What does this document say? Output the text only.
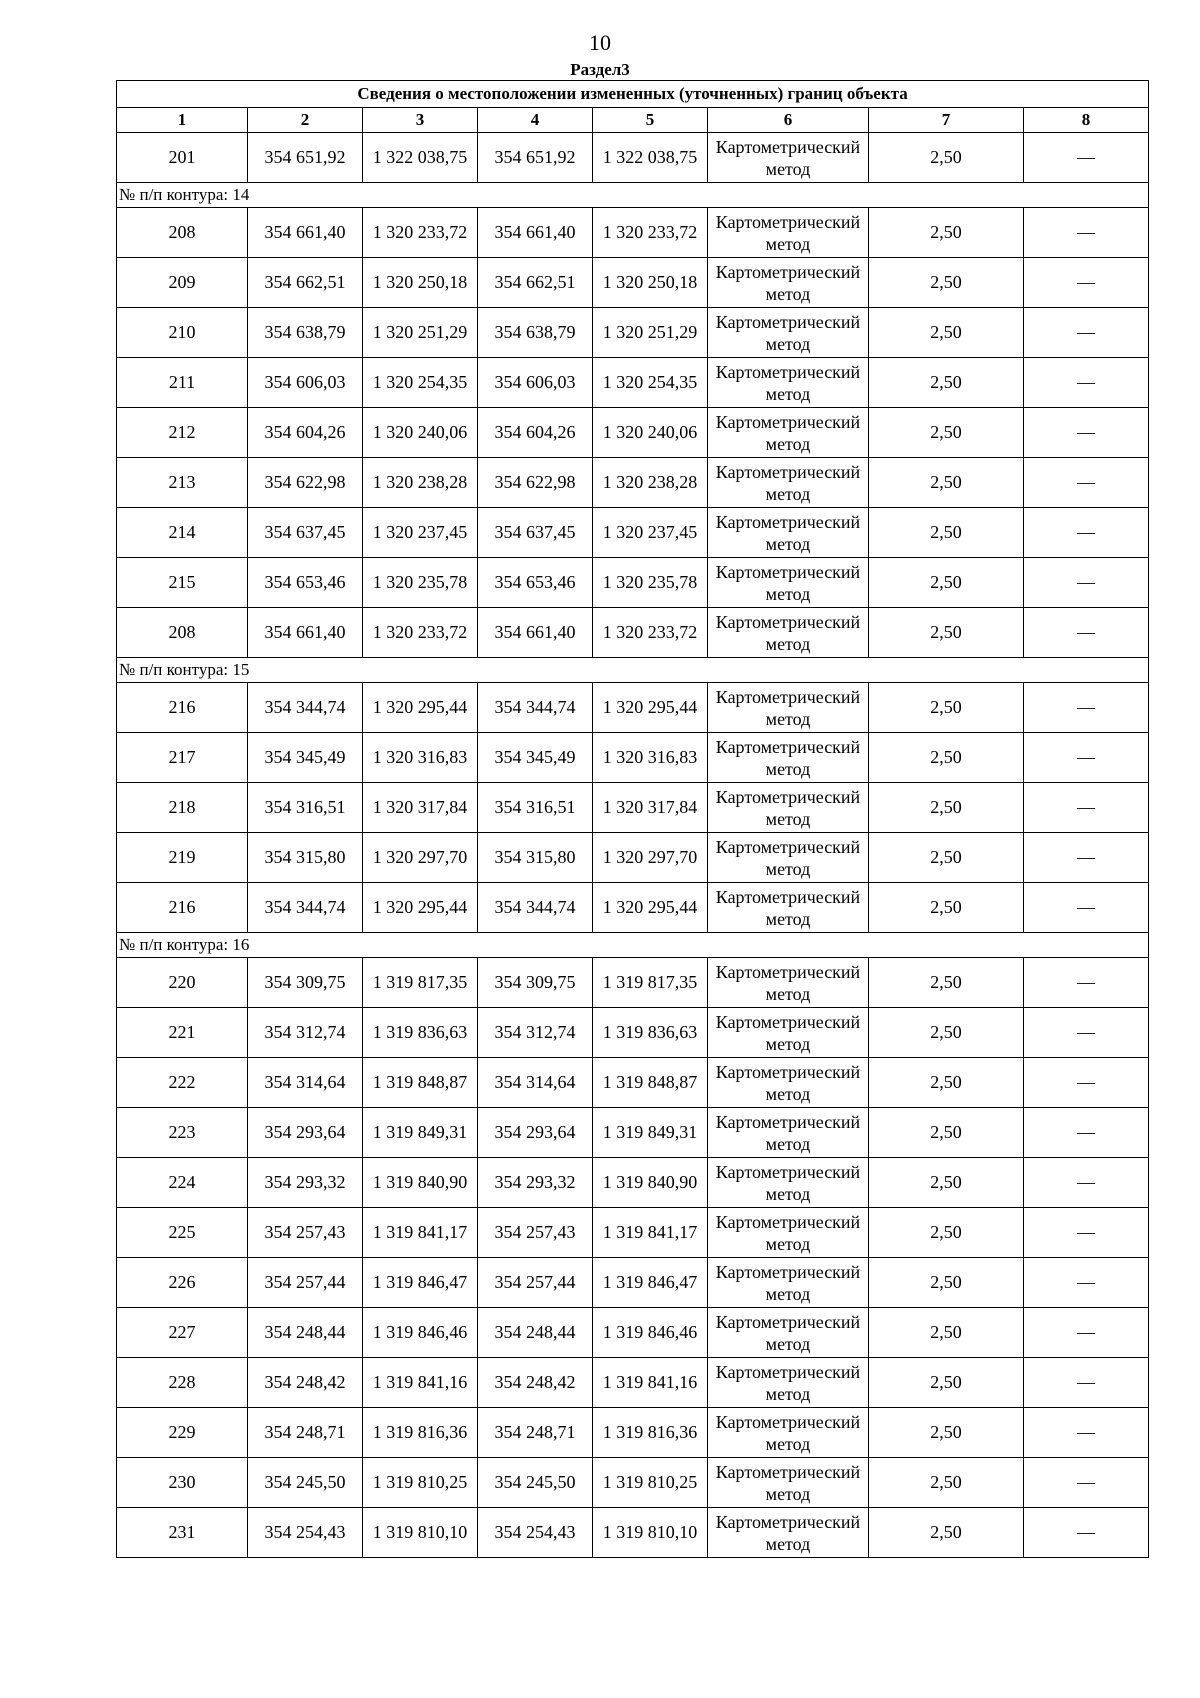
10
Раздел3
Сведения о местоположении измененных (уточненных) границ объекта							
1	2	3	4	5	6	7	8
201	354 651,92	1 322 038,75	354 651,92	1 322 038,75	Картометрический метод	2,50	—
№ п/п контура: 14							
208	354 661,40	1 320 233,72	354 661,40	1 320 233,72	Картометрический метод	2,50	—
209	354 662,51	1 320 250,18	354 662,51	1 320 250,18	Картометрический метод	2,50	—
210	354 638,79	1 320 251,29	354 638,79	1 320 251,29	Картометрический метод	2,50	—
211	354 606,03	1 320 254,35	354 606,03	1 320 254,35	Картометрический метод	2,50	—
212	354 604,26	1 320 240,06	354 604,26	1 320 240,06	Картометрический метод	2,50	—
213	354 622,98	1 320 238,28	354 622,98	1 320 238,28	Картометрический метод	2,50	—
214	354 637,45	1 320 237,45	354 637,45	1 320 237,45	Картометрический метод	2,50	—
215	354 653,46	1 320 235,78	354 653,46	1 320 235,78	Картометрический метод	2,50	—
208	354 661,40	1 320 233,72	354 661,40	1 320 233,72	Картометрический метод	2,50	—
№ п/п контура: 15							
216	354 344,74	1 320 295,44	354 344,74	1 320 295,44	Картометрический метод	2,50	—
217	354 345,49	1 320 316,83	354 345,49	1 320 316,83	Картометрический метод	2,50	—
218	354 316,51	1 320 317,84	354 316,51	1 320 317,84	Картометрический метод	2,50	—
219	354 315,80	1 320 297,70	354 315,80	1 320 297,70	Картометрический метод	2,50	—
216	354 344,74	1 320 295,44	354 344,74	1 320 295,44	Картометрический метод	2,50	—
№ п/п контура: 16							
220	354 309,75	1 319 817,35	354 309,75	1 319 817,35	Картометрический метод	2,50	—
221	354 312,74	1 319 836,63	354 312,74	1 319 836,63	Картометрический метод	2,50	—
222	354 314,64	1 319 848,87	354 314,64	1 319 848,87	Картометрический метод	2,50	—
223	354 293,64	1 319 849,31	354 293,64	1 319 849,31	Картометрический метод	2,50	—
224	354 293,32	1 319 840,90	354 293,32	1 319 840,90	Картометрический метод	2,50	—
225	354 257,43	1 319 841,17	354 257,43	1 319 841,17	Картометрический метод	2,50	—
226	354 257,44	1 319 846,47	354 257,44	1 319 846,47	Картометрический метод	2,50	—
227	354 248,44	1 319 846,46	354 248,44	1 319 846,46	Картометрический метод	2,50	—
228	354 248,42	1 319 841,16	354 248,42	1 319 841,16	Картометрический метод	2,50	—
229	354 248,71	1 319 816,36	354 248,71	1 319 816,36	Картометрический метод	2,50	—
230	354 245,50	1 319 810,25	354 245,50	1 319 810,25	Картометрический метод	2,50	—
231	354 254,43	1 319 810,10	354 254,43	1 319 810,10	Картометрический метод	2,50	—
